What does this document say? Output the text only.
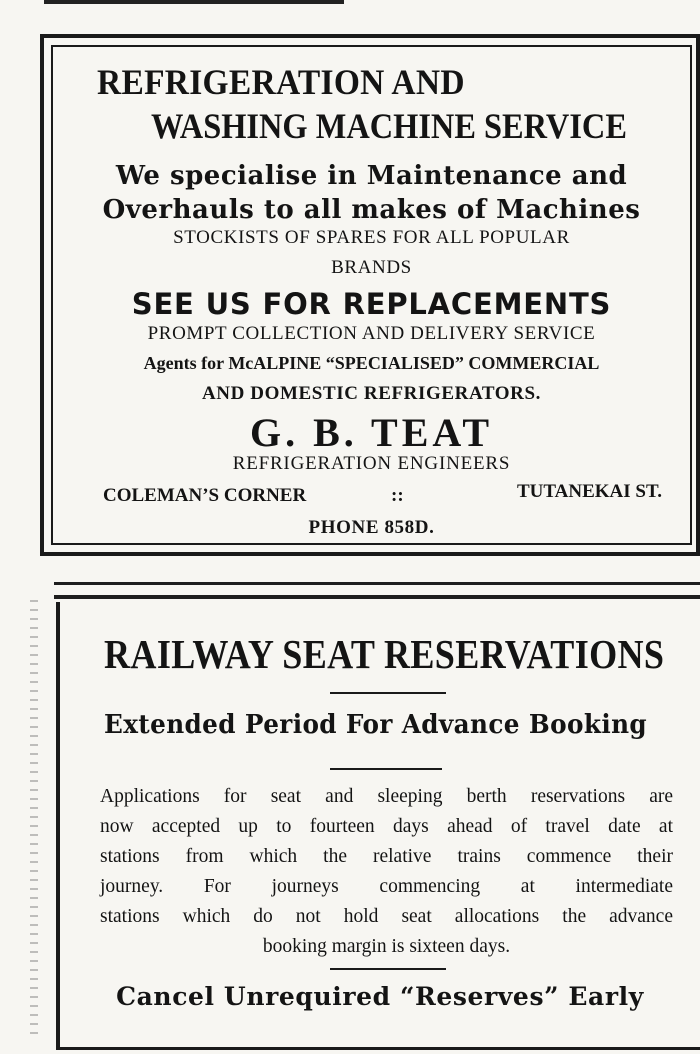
REFRIGERATION AND
WASHING MACHINE SERVICE
We specialise in Maintenance and
Overhauls to all makes of Machines
STOCKISTS OF SPARES FOR ALL POPULAR
BRANDS
SEE US FOR REPLACEMENTS
PROMPT COLLECTION AND DELIVERY SERVICE
Agents for McALPINE “SPECIALISED” COMMERCIAL
AND DOMESTIC REFRIGERATORS.
G. B. TEAT
REFRIGERATION ENGINEERS
COLEMAN’S CORNER	::	TUTANEKAI ST.
PHONE 858D.
RAILWAY SEAT RESERVATIONS
Extended Period For Advance Booking
Applications for seat and sleeping berth reservations are
now accepted up to fourteen days ahead of travel date at
stations from which the relative trains commence their
journey. For journeys commencing at intermediate
stations which do not hold seat allocations the advance
booking margin is sixteen days.
Cancel Unrequired “Reserves” Early
